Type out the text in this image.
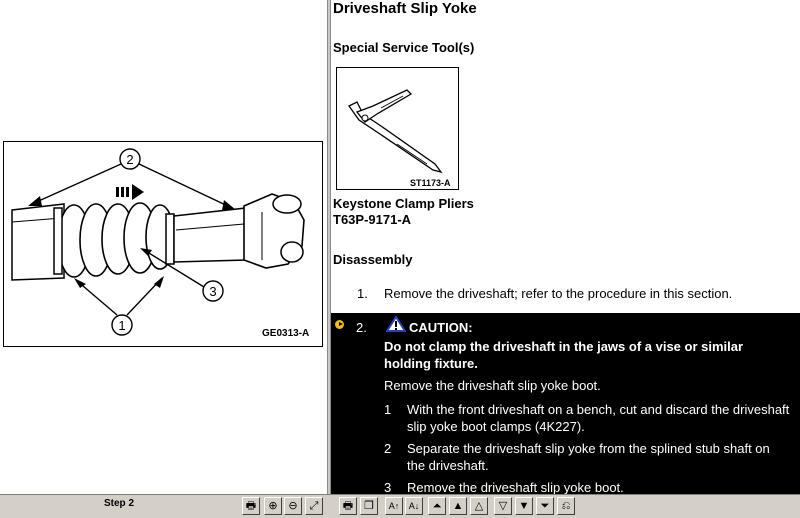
2
1
3
GE0313-A
Driveshaft Slip Yoke
Special Service Tool(s)
ST1173-A
Keystone Clamp Pliers
T63P-9171-A
Disassembly
1. Remove the driveshaft; refer to the procedure in this section.
2.	CAUTION:
Do not clamp the driveshaft in the jaws of a vise or similar
holding fixture.
Remove the driveshaft slip yoke boot.
1 With the front driveshaft on a bench, cut and discard the driveshaft
slip yoke boot clamps (4K227).
2 Separate the driveshaft slip yoke from the splined stub shaft on
the driveshaft.
3 Remove the driveshaft slip yoke boot.
Step 2	🖶	⊕ ⊖	⤢	🖶 ❐	A↑	A↓	⏶	▲	△	▽	▼	⏷	⎌
